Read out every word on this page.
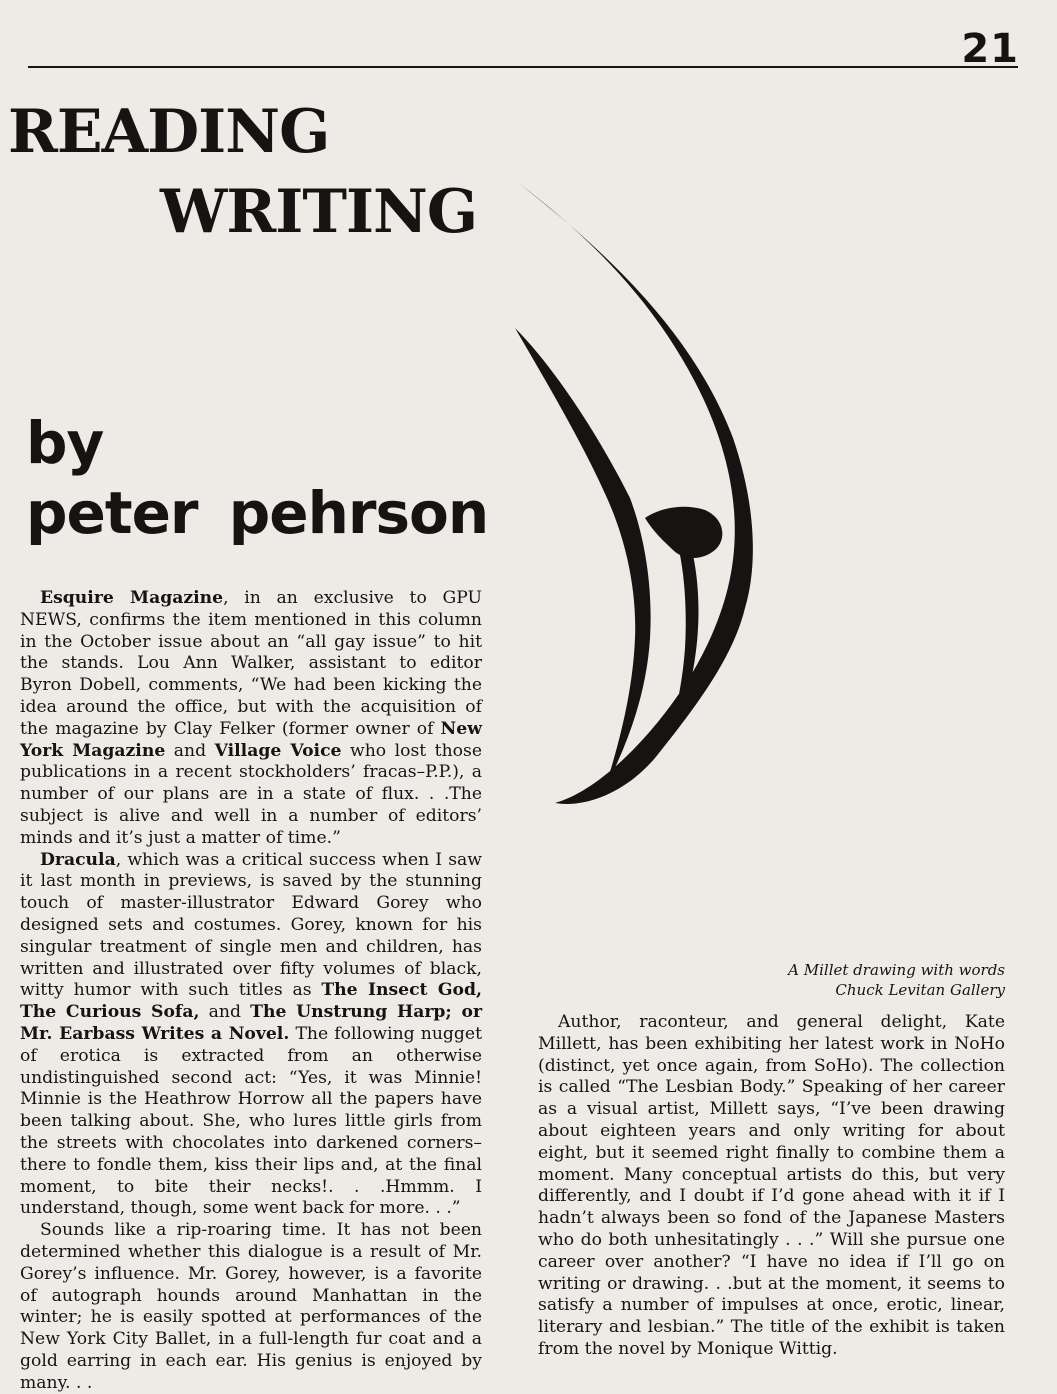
21
READING
WRITING
by
peter pehrson
A Millet drawing with words
Chuck Levitan Gallery

Esquire Magazine, in an exclusive to GPU NEWS, confirms the item mentioned in this column in the October issue about an “all gay issue” to hit the stands. Lou Ann Walker, assistant to editor Byron Dobell, comments, “We had been kicking the idea around the office, but with the acquisition of the magazine by Clay Felker (former owner of New York Magazine and Village Voice who lost those publications in a recent stockholders’ fracas–P.P.), a number of our plans are in a state of flux. . .The subject is alive and well in a number of editors’ minds and it’s just a matter of time.”

Dracula, which was a critical success when I saw it last month in previews, is saved by the stunning touch of master-illustrator Edward Gorey who designed sets and costumes. Gorey, known for his singular treatment of single men and children, has written and illustrated over fifty volumes of black, witty humor with such titles as The Insect God, The Curious Sofa, and The Unstrung Harp; or Mr. Earbass Writes a Novel. The following nugget of erotica is extracted from an otherwise undistinguished second act: “Yes, it was Minnie! Minnie is the Heathrow Horrow all the papers have been talking about. She, who lures little girls from the streets with chocolates into darkened corners–there to fondle them, kiss their lips and, at the final moment, to bite their necks!. . .Hmmm. I understand, though, some went back for more. . .”

Sounds like a rip-roaring time. It has not been determined whether this dialogue is a result of Mr. Gorey’s influence. Mr. Gorey, however, is a favorite of autograph hounds around Manhattan in the winter; he is easily spotted at performances of the New York City Ballet, in a full-length fur coat and a gold earring in each ear. His genius is enjoyed by many. . .

Author, raconteur, and general delight, Kate Millett, has been exhibiting her latest work in NoHo (distinct, yet once again, from SoHo). The collection is called “The Lesbian Body.” Speaking of her career as a visual artist, Millett says, “I’ve been drawing about eighteen years and only writing for about eight, but it seemed right finally to combine them a moment. Many conceptual artists do this, but very differently, and I doubt if I’d gone ahead with it if I hadn’t always been so fond of the Japanese Masters who do both unhesitatingly . . .” Will she pursue one career over another? “I have no idea if I’ll go on writing or drawing. . .but at the moment, it seems to satisfy a number of impulses at once, erotic, linear, literary and lesbian.” The title of the exhibit is taken from the novel by Monique Wittig.
